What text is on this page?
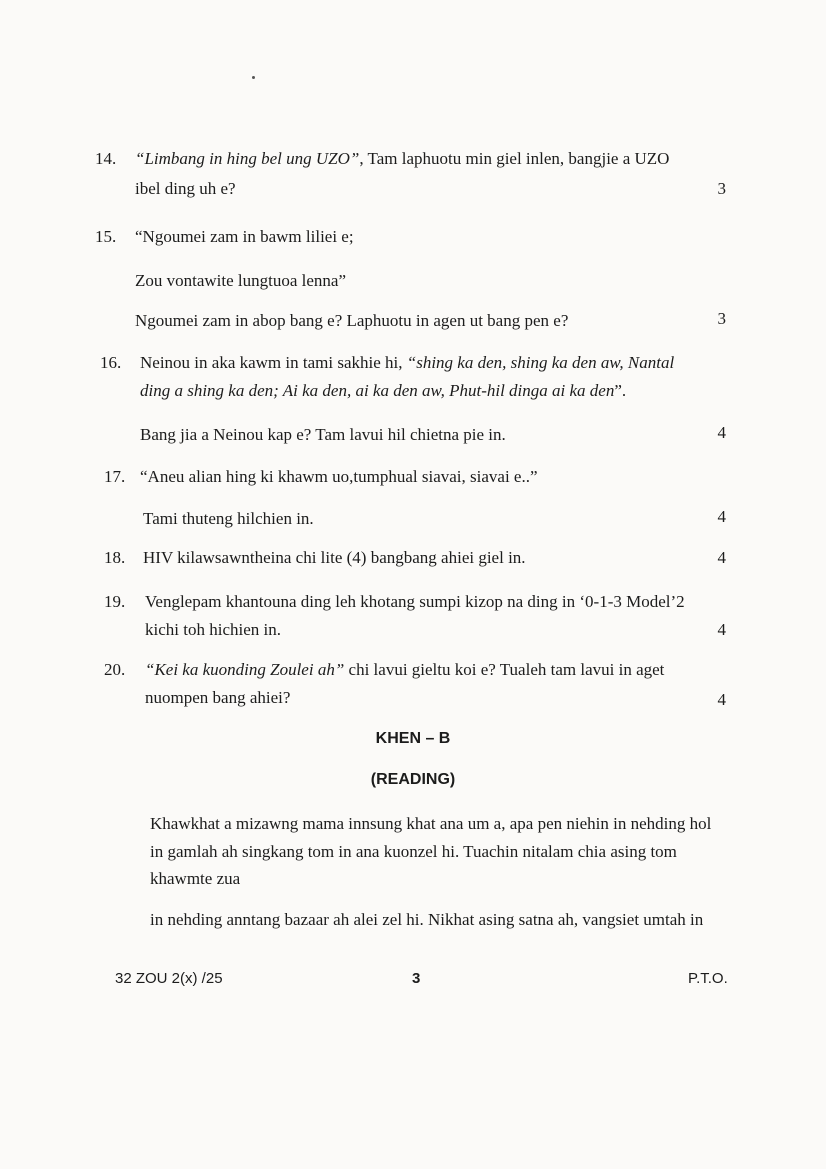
14.	“Limbang in hing bel ung UZO”, Tam laphuotu min giel inlen, bangjie a UZO
ibel ding uh e?	3
15.	“Ngoumei zam in bawm liliei e;
Zou vontawite lungtuoa lenna”
Ngoumei zam in abop bang e? Laphuotu in agen ut bang pen e?	3
16.	Neinou in aka kawm in tami sakhie hi, “shing ka den, shing ka den aw, Nantal
ding a shing ka den; Ai ka den, ai ka den aw, Phut-hil dinga ai ka den”.
Bang jia a Neinou kap e? Tam lavui hil chietna pie in.	4
17. “Aneu alian hing ki khawm uo,tumphual siavai, siavai e..”
Tami thuteng hilchien in.	4
18.	HIV kilawsawntheina chi lite (4) bangbang ahiei giel in.	4
19.	Venglepam khantouna ding leh khotang sumpi kizop na ding in ‘0-1-3 Model’2
kichi toh hichien in.	4
20.	“Kei ka kuonding Zoulei ah” chi lavui gieltu koi e? Tualeh tam lavui in aget
nuompen bang ahiei?	4
KHEN – B
(READING)
Khawkhat a mizawng mama innsung khat ana um a, apa pen niehin in nehding hol
in gamlah ah singkang tom in ana kuonzel hi. Tuachin nitalam chia asing tom
khawmte zua
in nehding anntang bazaar ah alei zel hi. Nikhat asing satna ah, vangsiet umtah in
32 ZOU 2(x) /25	3	P.T.O.
